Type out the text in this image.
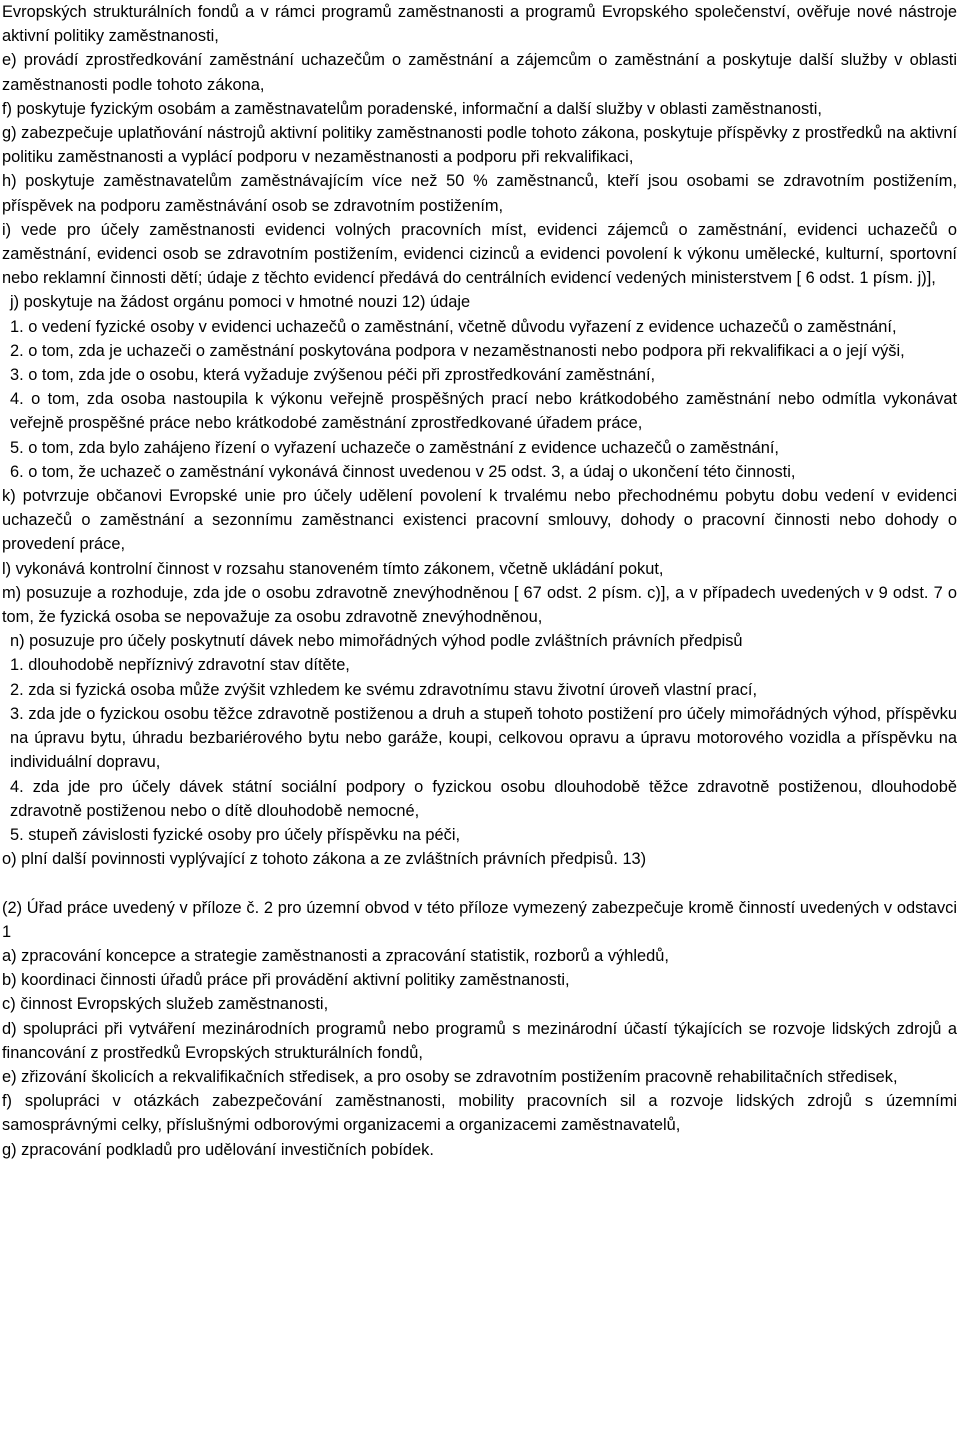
Evropských strukturálních fondů a v rámci programů zaměstnanosti a programů Evropského společenství, ověřuje nové nástroje aktivní politiky zaměstnanosti,

e) provádí zprostředkování zaměstnání uchazečům o zaměstnání a zájemcům o zaměstnání a poskytuje další služby v oblasti zaměstnanosti podle tohoto zákona,

f) poskytuje fyzickým osobám a zaměstnavatelům poradenské, informační a další služby v oblasti zaměstnanosti,

g) zabezpečuje uplatňování nástrojů aktivní politiky zaměstnanosti podle tohoto zákona, poskytuje příspěvky z prostředků na aktivní politiku zaměstnanosti a vyplácí podporu v nezaměstnanosti a podporu při rekvalifikaci,

h) poskytuje zaměstnavatelům zaměstnávajícím více než 50 % zaměstnanců, kteří jsou osobami se zdravotním postižením, příspěvek na podporu zaměstnávání osob se zdravotním postižením,

i) vede pro účely zaměstnanosti evidenci volných pracovních míst, evidenci zájemců o zaměstnání, evidenci uchazečů o zaměstnání, evidenci osob se zdravotním postižením, evidenci cizinců a evidenci povolení k výkonu umělecké, kulturní, sportovní nebo reklamní činnosti dětí; údaje z těchto evidencí předává do centrálních evidencí vedených ministerstvem [ 6 odst. 1 písm. j)],

j) poskytuje na žádost orgánu pomoci v hmotné nouzi 12) údaje

1. o vedení fyzické osoby v evidenci uchazečů o zaměstnání, včetně důvodu vyřazení z evidence uchazečů o zaměstnání,

2. o tom, zda je uchazeči o zaměstnání poskytována podpora v nezaměstnanosti nebo podpora při rekvalifikaci a o její výši,

3. o tom, zda jde o osobu, která vyžaduje zvýšenou péči při zprostředkování zaměstnání,

4. o tom, zda osoba nastoupila k výkonu veřejně prospěšných prací nebo krátkodobého zaměstnání nebo odmítla vykonávat veřejně prospěšné práce nebo krátkodobé zaměstnání zprostředkované úřadem práce,

5. o tom, zda bylo zahájeno řízení o vyřazení uchazeče o zaměstnání z evidence uchazečů o zaměstnání,

6. o tom, že uchazeč o zaměstnání vykonává činnost uvedenou v 25 odst. 3, a údaj o ukončení této činnosti,

k) potvrzuje občanovi Evropské unie pro účely udělení povolení k trvalému nebo přechodnému pobytu dobu vedení v evidenci uchazečů o zaměstnání a sezonnímu zaměstnanci existenci pracovní smlouvy, dohody o pracovní činnosti nebo dohody o provedení práce,

l) vykonává kontrolní činnost v rozsahu stanoveném tímto zákonem, včetně ukládání pokut,

m) posuzuje a rozhoduje, zda jde o osobu zdravotně znevýhodněnou [ 67 odst. 2 písm. c)], a v případech uvedených v 9 odst. 7 o tom, že fyzická osoba se nepovažuje za osobu zdravotně znevýhodněnou,

n) posuzuje pro účely poskytnutí dávek nebo mimořádných výhod podle zvláštních právních předpisů

1. dlouhodobě nepříznivý zdravotní stav dítěte,

2. zda si fyzická osoba může zvýšit vzhledem ke svému zdravotnímu stavu životní úroveň vlastní prací,

3. zda jde o fyzickou osobu těžce zdravotně postiženou a druh a stupeň tohoto postižení pro účely mimořádných výhod, příspěvku na úpravu bytu, úhradu bezbariérového bytu nebo garáže, koupi, celkovou opravu a úpravu motorového vozidla a příspěvku na individuální dopravu,

4. zda jde pro účely dávek státní sociální podpory o fyzickou osobu dlouhodobě těžce zdravotně postiženou, dlouhodobě zdravotně postiženou nebo o dítě dlouhodobě nemocné,

5. stupeň závislosti fyzické osoby pro účely příspěvku na péči,

o) plní další povinnosti vyplývající z tohoto zákona a ze zvláštních právních předpisů. 13)

(2) Úřad práce uvedený v příloze č. 2 pro územní obvod v této příloze vymezený zabezpečuje kromě činností uvedených v odstavci 1

a) zpracování koncepce a strategie zaměstnanosti a zpracování statistik, rozborů a výhledů,

b) koordinaci činnosti úřadů práce při provádění aktivní politiky zaměstnanosti,

c) činnost Evropských služeb zaměstnanosti,

d) spolupráci při vytváření mezinárodních programů nebo programů s mezinárodní účastí týkajících se rozvoje lidských zdrojů a financování z prostředků Evropských strukturálních fondů,

e) zřizování školicích a rekvalifikačních středisek, a pro osoby se zdravotním postižením pracovně rehabilitačních středisek,

f) spolupráci v otázkách zabezpečování zaměstnanosti, mobility pracovních sil a rozvoje lidských zdrojů s územními samosprávnými celky, příslušnými odborovými organizacemi a organizacemi zaměstnavatelů,

g) zpracování podkladů pro udělování investičních pobídek.
